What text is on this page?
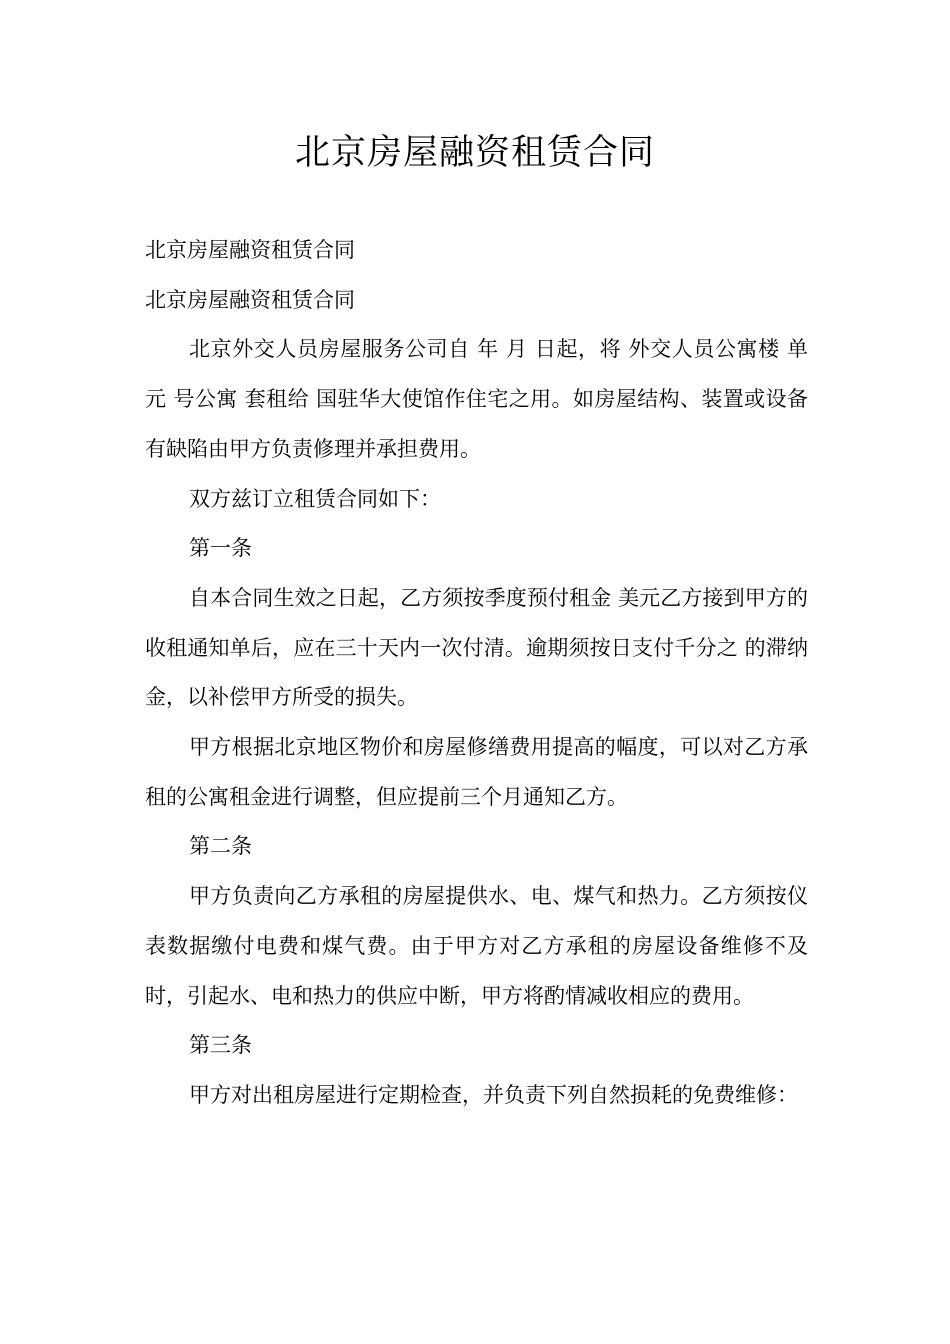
北京房屋融资租赁合同

北京房屋融资租赁合同

北京房屋融资租赁合同

北京外交人员房屋服务公司自 年 月 日起，将 外交人员公寓楼 单元 号公寓 套租给 国驻华大使馆作住宅之用。如房屋结构、装置或设备有缺陷由甲方负责修理并承担费用。

双方兹订立租赁合同如下：

第一条

自本合同生效之日起，乙方须按季度预付租金 美元乙方接到甲方的收租通知单后，应在三十天内一次付清。逾期须按日支付千分之 的滞纳金，以补偿甲方所受的损失。

甲方根据北京地区物价和房屋修缮费用提高的幅度，可以对乙方承租的公寓租金进行调整，但应提前三个月通知乙方。

第二条

甲方负责向乙方承租的房屋提供水、电、煤气和热力。乙方须按仪表数据缴付电费和煤气费。由于甲方对乙方承租的房屋设备维修不及时，引起水、电和热力的供应中断，甲方将酌情减收相应的费用。

第三条

甲方对出租房屋进行定期检查，并负责下列自然损耗的免费维修：
